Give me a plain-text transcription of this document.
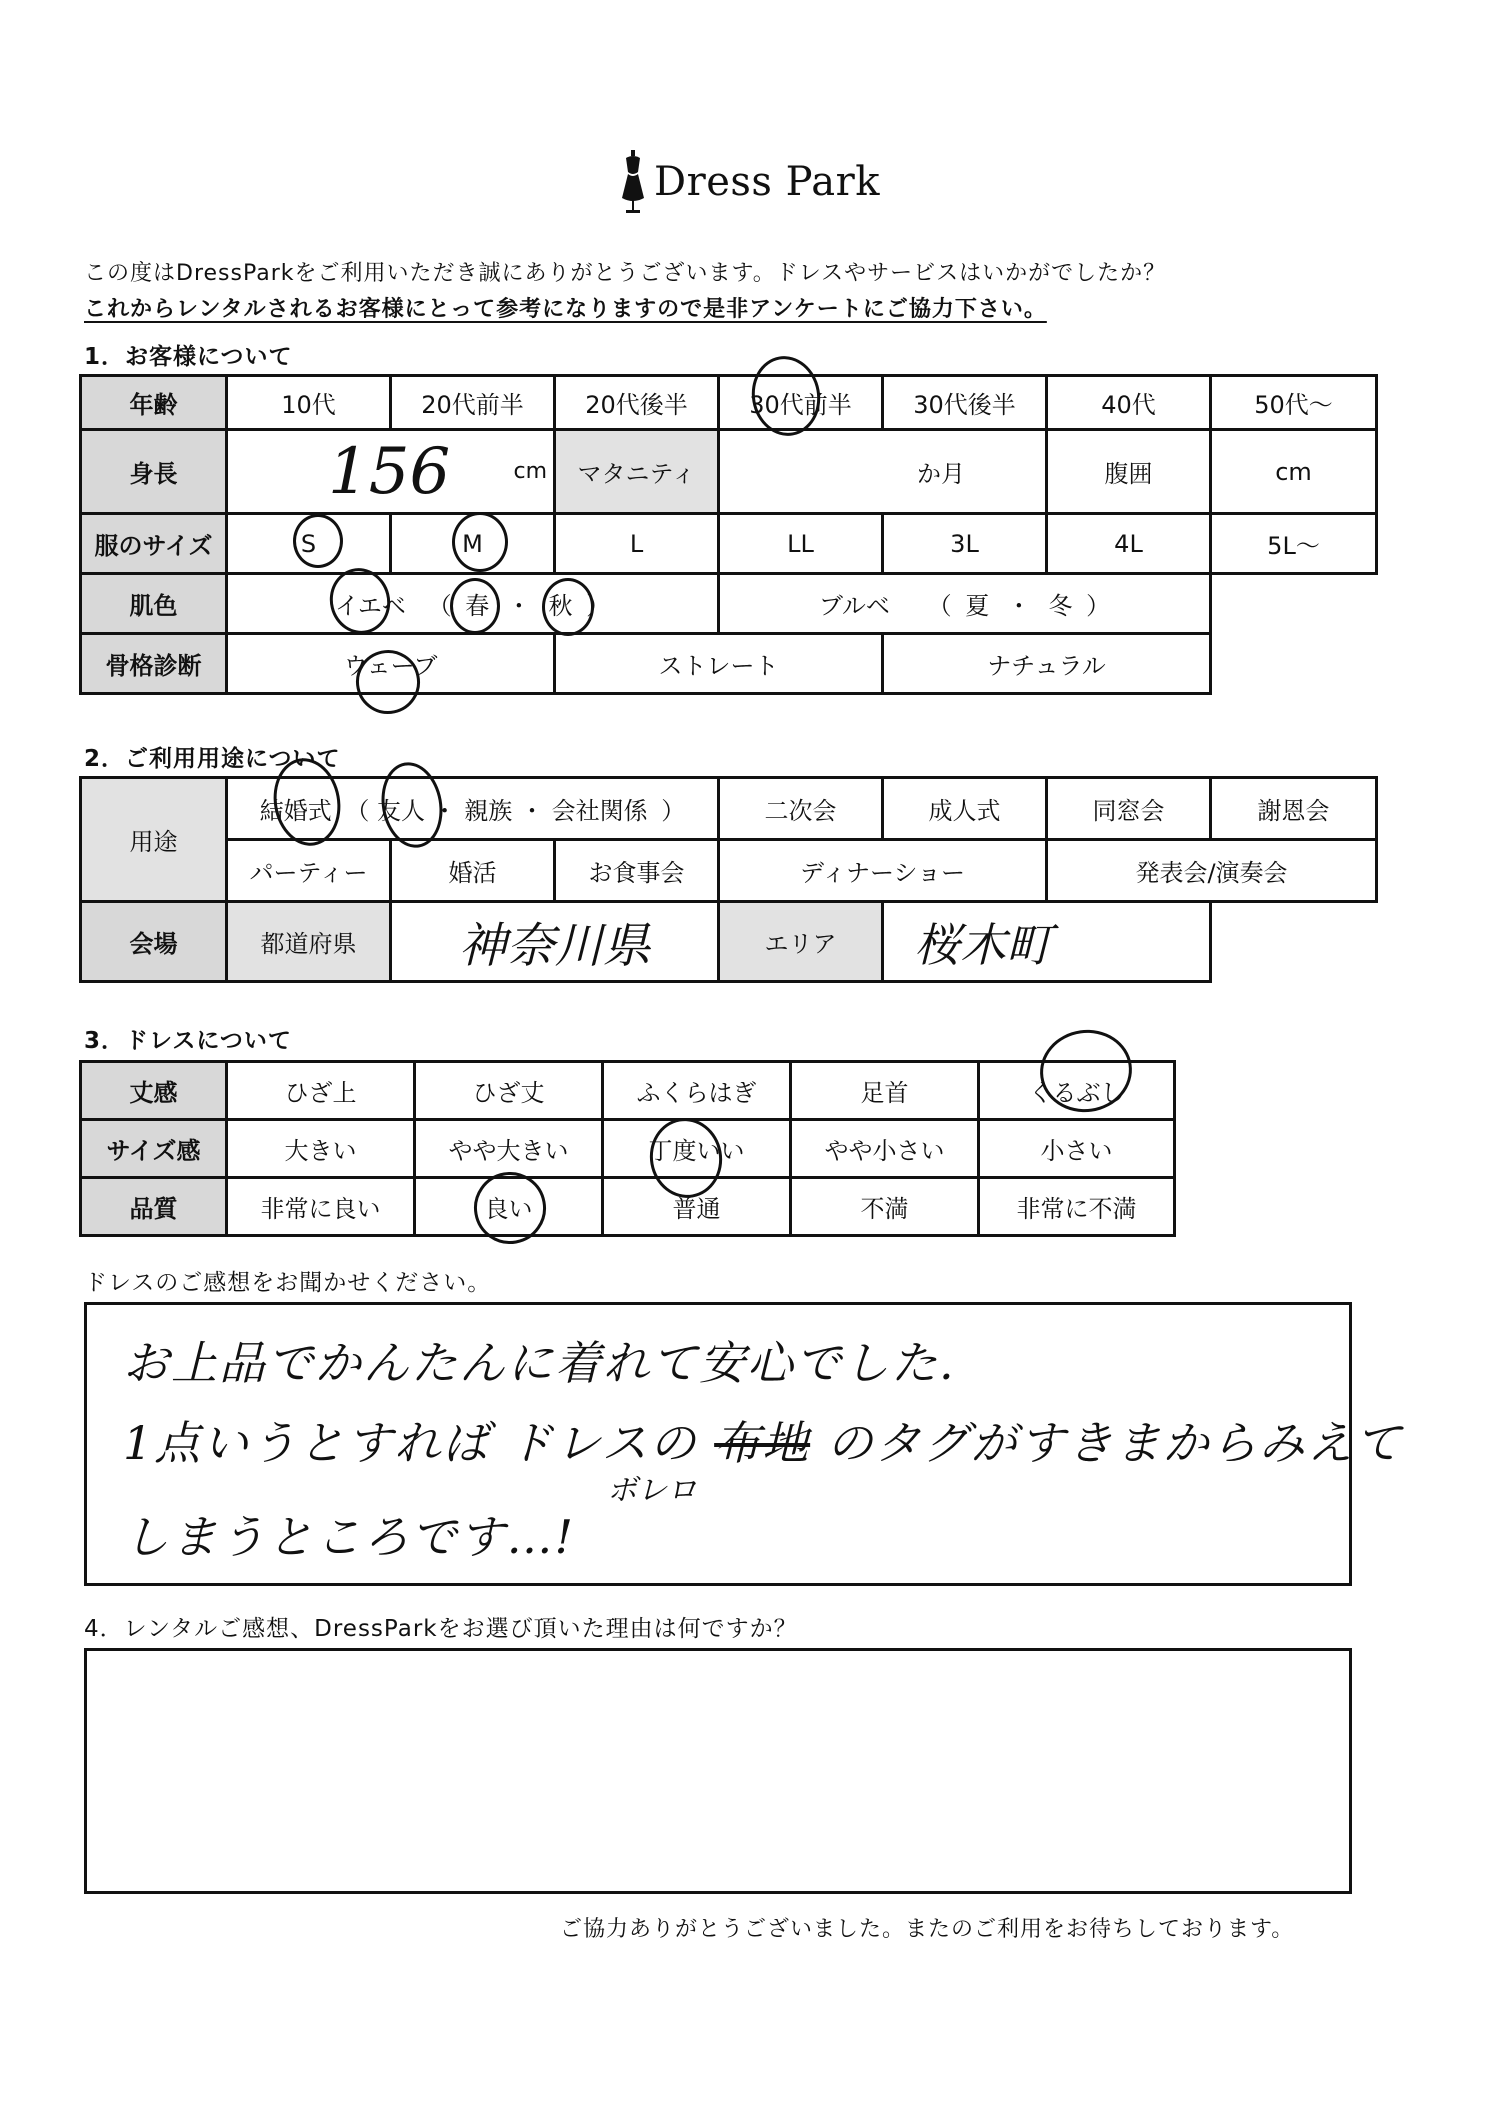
Dress Park
この度はDressParkをご利用いただき誠にありがとうございます。ドレスやサービスはいかがでしたか？
これからレンタルされるお客様にとって参考になりますので是非アンケートにご協力下さい。
1．お客様について
年齢	10代	20代前半	20代後半	30代前半	30代後半	40代	50代～
身長	156 cm		マタニティ	か月		腹囲	cm
服のサイズ	S	M	L	LL	3L	4L	5L～
肌色	イエベ （ 春 ・ 秋 ）			ブルベ （ 夏 ・ 冬 ）			
骨格診断	ウェーブ		ストレート		ナチュラル		
2．ご利用用途について
用途	結婚式 （ 友人 ・ 親族 ・ 会社関係 ）			二次会	成人式	同窓会	謝恩会
	パーティー	婚活	お食事会	ディナーショー		発表会/演奏会	
会場	都道府県	神奈川県		エリア	桜木町		
3．ドレスについて
丈感	ひざ上	ひざ丈	ふくらはぎ	足首	くるぶし
サイズ感	大きい	やや大きい	丁度いい	やや小さい	小さい
品質	非常に良い	良い	普通	不満	非常に不満
ドレスのご感想をお聞かせください。
お上品でかんたんに着れて安心でした.
1点いうとすれば ドレスの 布地 のタグがすきまからみえて
ボレロ
しまうところです…!
4．レンタルご感想、DressParkをお選び頂いた理由は何ですか？
ご協力ありがとうございました。またのご利用をお待ちしております。
